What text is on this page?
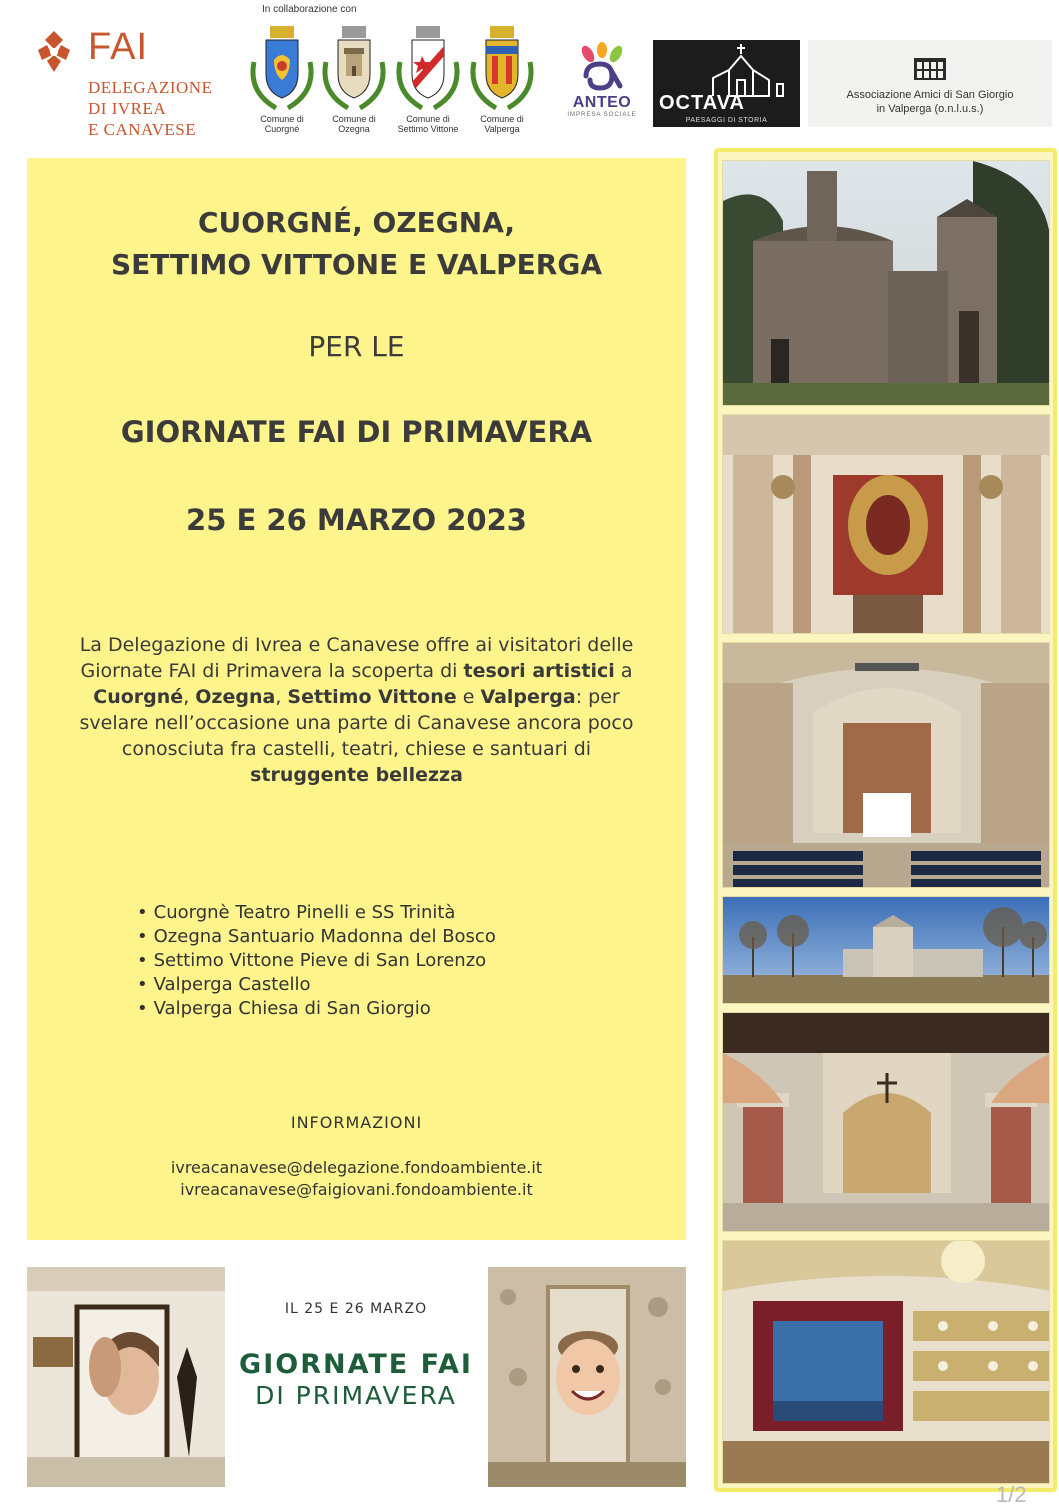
FAI
DELEGAZIONE
DI IVREA
E CANAVESE
In collaborazione con
Comune di
Cuorgné
Comune di
Ozegna
Comune di
Settimo Vittone
Comune di
Valperga
ANTEO
IMPRESA SOCIALE
OCTAVA
PAESAGGI DI STORIA
Associazione Amici di San Giorgio
in Valperga (o.n.l.u.s.)
CUORGNÉ, OZEGNA,
SETTIMO VITTONE E VALPERGA
PER LE
GIORNATE FAI DI PRIMAVERA
25 E 26 MARZO 2023
La Delegazione di Ivrea e Canavese offre ai visitatori delle Giornate FAI di Primavera la scoperta di tesori artistici a Cuorgné, Ozegna, Settimo Vittone e Valperga: per svelare nell’occasione una parte di Canavese ancora poco conosciuta fra castelli, teatri, chiese e santuari di struggente bellezza
• Cuorgnè Teatro Pinelli e SS Trinità
• Ozegna Santuario Madonna del Bosco
• Settimo Vittone Pieve di San Lorenzo
• Valperga Castello
• Valperga Chiesa di San Giorgio
INFORMAZIONI
ivreacanavese@delegazione.fondoambiente.it
ivreacanavese@faigiovani.fondoambiente.it
IL 25 E 26 MARZO
GIORNATE FAI
DI PRIMAVERA
1/2
